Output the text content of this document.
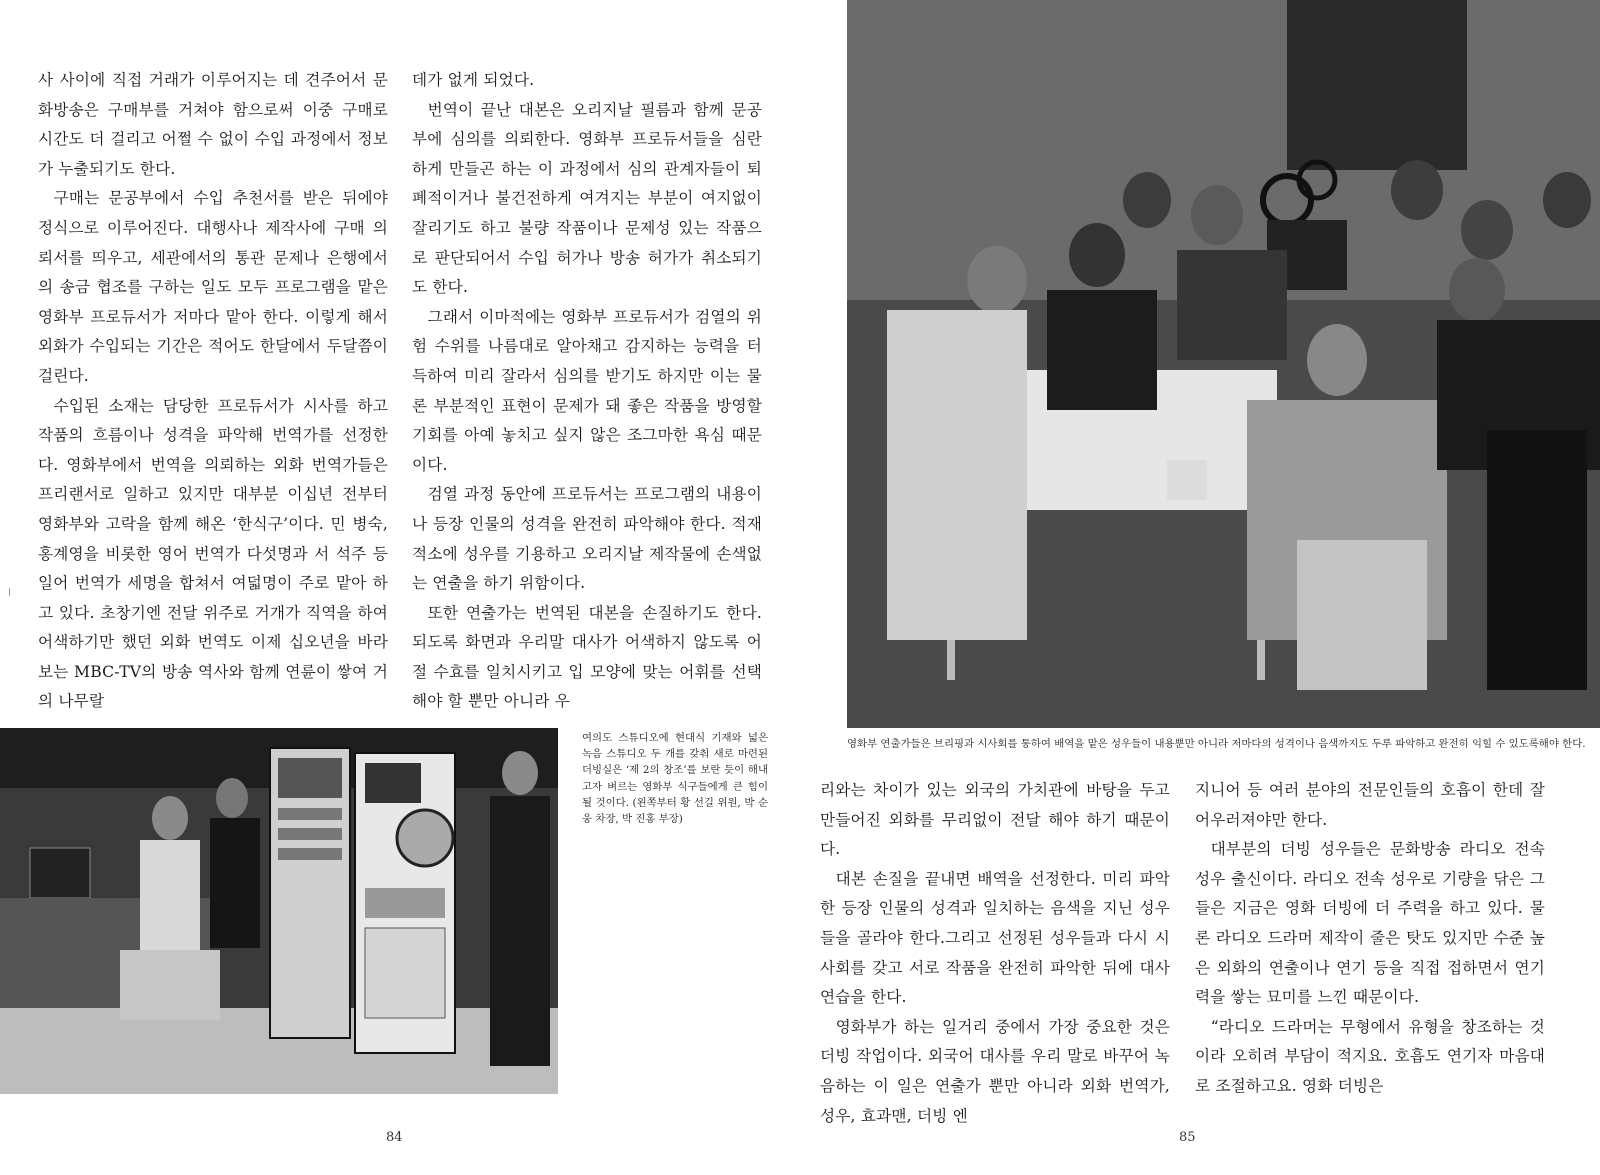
사 사이에 직접 거래가 이루어지는 데 견주어서 문화방송은 구매부를 거쳐야 함으로써 이중 구매로 시간도 더 걸리고 어쩔 수 없이 수입 과정에서 정보가 누출되기도 한다.

구매는 문공부에서 수입 추천서를 받은 뒤에야 정식으로 이루어진다. 대행사나 제작사에 구매 의뢰서를 띄우고, 세관에서의 통관 문제나 은행에서의 송금 협조를 구하는 일도 모두 프로그램을 맡은 영화부 프로듀서가 저마다 맡아 한다. 이렇게 해서 외화가 수입되는 기간은 적어도 한달에서 두달쯤이 걸린다.

수입된 소재는 담당한 프로듀서가 시사를 하고 작품의 흐름이나 성격을 파악해 번역가를 선정한다. 영화부에서 번역을 의뢰하는 외화 번역가들은 프리랜서로 일하고 있지만 대부분 이십년 전부터 영화부와 고락을 함께 해온 ‘한식구’이다. 민 병숙, 홍계영을 비롯한 영어 번역가 다섯명과 서 석주 등 일어 번역가 세명을 합쳐서 여덟명이 주로 맡아 하고 있다. 초창기엔 전달 위주로 거개가 직역을 하여 어색하기만 했던 외화 번역도 이제 십오년을 바라보는 MBC-TV의 방송 역사와 함께 연륜이 쌓여 거의 나무랄

데가 없게 되었다.

번역이 끝난 대본은 오리지날 필름과 함께 문공부에 심의를 의뢰한다. 영화부 프로듀서들을 심란하게 만들곤 하는 이 과정에서 심의 관계자들이 퇴폐적이거나 불건전하게 여겨지는 부분이 여지없이 잘리기도 하고 불량 작품이나 문제성 있는 작품으로 판단되어서 수입 허가나 방송 허가가 취소되기도 한다.

그래서 이마적에는 영화부 프로듀서가 검열의 위험 수위를 나름대로 알아채고 감지하는 능력을 터득하여 미리 잘라서 심의를 받기도 하지만 이는 물론 부분적인 표현이 문제가 돼 좋은 작품을 방영할 기회를 아예 놓치고 싶지 않은 조그마한 욕심 때문이다.

검열 과정 동안에 프로듀서는 프로그램의 내용이나 등장 인물의 성격을 완전히 파악해야 한다. 적재 적소에 성우를 기용하고 오리지날 제작물에 손색없는 연출을 하기 위함이다.

또한 연출가는 번역된 대본을 손질하기도 한다. 되도록 화면과 우리말 대사가 어색하지 않도록 어절 수효를 일치시키고 입 모양에 맞는 어휘를 선택해야 할 뿐만 아니라 우

여의도 스튜디오에 현대식 기재와 넓은 녹음 스튜디오 두 개를 갖춰 새로 마련된 더빙실은 ‘제 2의 창조’를 보란 듯이 해내고자 벼르는 영화부 식구들에게 큰 힘이 될 것이다. (왼쪽부터 황 선길 위원, 박 순웅 차장, 박 진홍 부장)
84
영화부 연출가들은 브리핑과 시사회를 통하여 배역을 맡은 성우들이 내용뿐만 아니라 저마다의 성격이나 음색까지도 두루 파악하고 완전히 익힐 수 있도록해야 한다.

리와는 차이가 있는 외국의 가치관에 바탕을 두고 만들어진 외화를 무리없이 전달 해야 하기 때문이다.

대본 손질을 끝내면 배역을 선정한다. 미리 파악한 등장 인물의 성격과 일치하는 음색을 지닌 성우들을 골라야 한다.그리고 선정된 성우들과 다시 시사회를 갖고 서로 작품을 완전히 파악한 뒤에 대사 연습을 한다.

영화부가 하는 일거리 중에서 가장 중요한 것은 더빙 작업이다. 외국어 대사를 우리 말로 바꾸어 녹음하는 이 일은 연출가 뿐만 아니라 외화 번역가, 성우, 효과맨, 더빙 엔

지니어 등 여러 분야의 전문인들의 호흡이 한데 잘 어우러져야만 한다.

대부분의 더빙 성우들은 문화방송 라디오 전속 성우 출신이다. 라디오 전속 성우로 기량을 닦은 그들은 지금은 영화 더빙에 더 주력을 하고 있다. 물론 라디오 드라머 제작이 줄은 탓도 있지만 수준 높은 외화의 연출이나 연기 등을 직접 접하면서 연기력을 쌓는 묘미를 느낀 때문이다.

“라디오 드라머는 무형에서 유형을 창조하는 것이라 오히려 부담이 적지요. 호흡도 연기자 마음대로 조절하고요. 영화 더빙은

85
